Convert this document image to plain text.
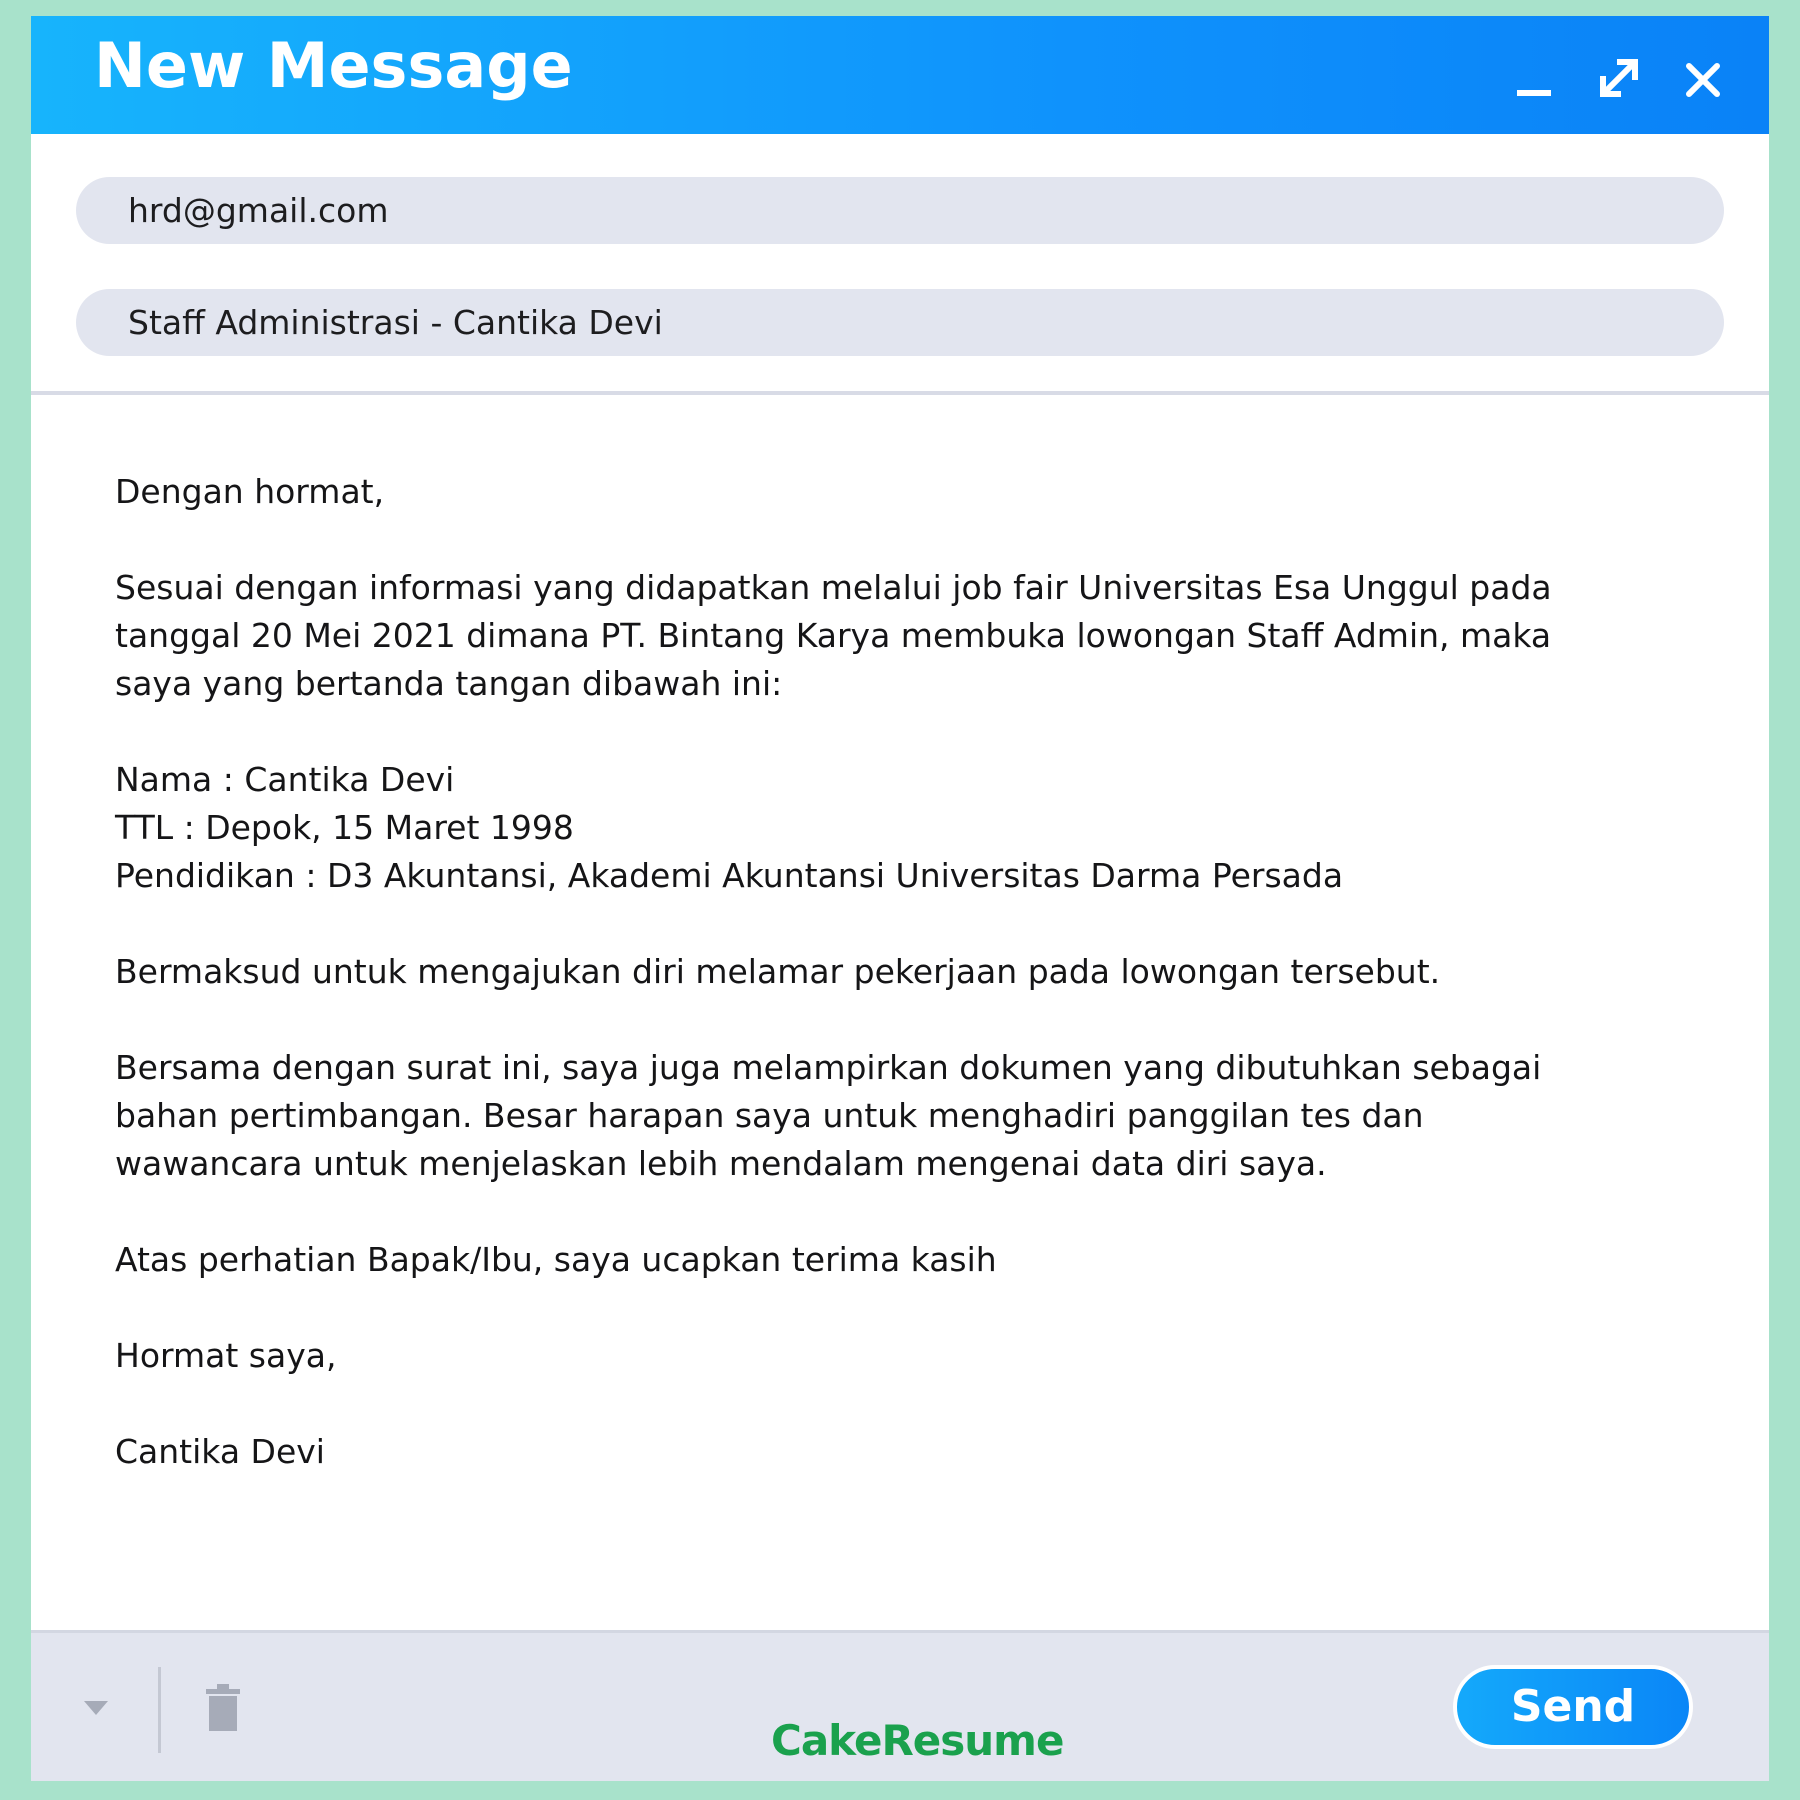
New Message
hrd@gmail.com
Staff Administrasi - Cantika Devi

Dengan hormat,

Sesuai dengan informasi yang didapatkan melalui job fair Universitas Esa Unggul pada
tanggal 20 Mei 2021 dimana PT. Bintang Karya membuka lowongan Staff Admin, maka
saya yang bertanda tangan dibawah ini:

Nama : Cantika Devi
TTL : Depok, 15 Maret 1998
Pendidikan : D3 Akuntansi, Akademi Akuntansi Universitas Darma Persada

Bermaksud untuk mengajukan diri melamar pekerjaan pada lowongan tersebut.

Bersama dengan surat ini, saya juga melampirkan dokumen yang dibutuhkan sebagai
bahan pertimbangan. Besar harapan saya untuk menghadiri panggilan tes dan
wawancara untuk menjelaskan lebih mendalam mengenai data diri saya.

Atas perhatian Bapak/Ibu, saya ucapkan terima kasih

Hormat saya,

Cantika Devi

CakeResume
Send
